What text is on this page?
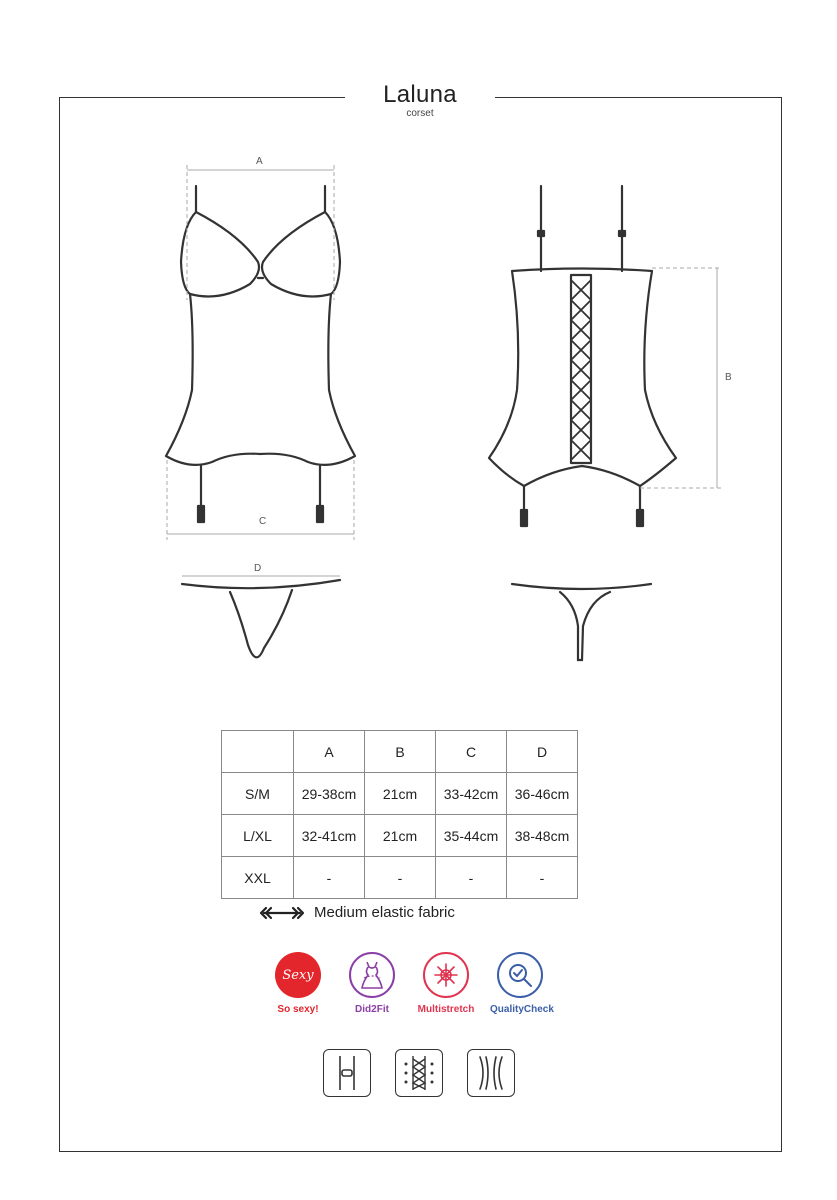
Laluna
corset
A
C
D
B
	A	B	C	D
S/M	29-38cm	21cm	33-42cm	36-46cm
L/XL	32-41cm	21cm	35-44cm	38-48cm
XXL	-	-	-	-
Medium elastic fabric
Sexy
So sexy!	Did2Fit	Multistretch QualityCheck
